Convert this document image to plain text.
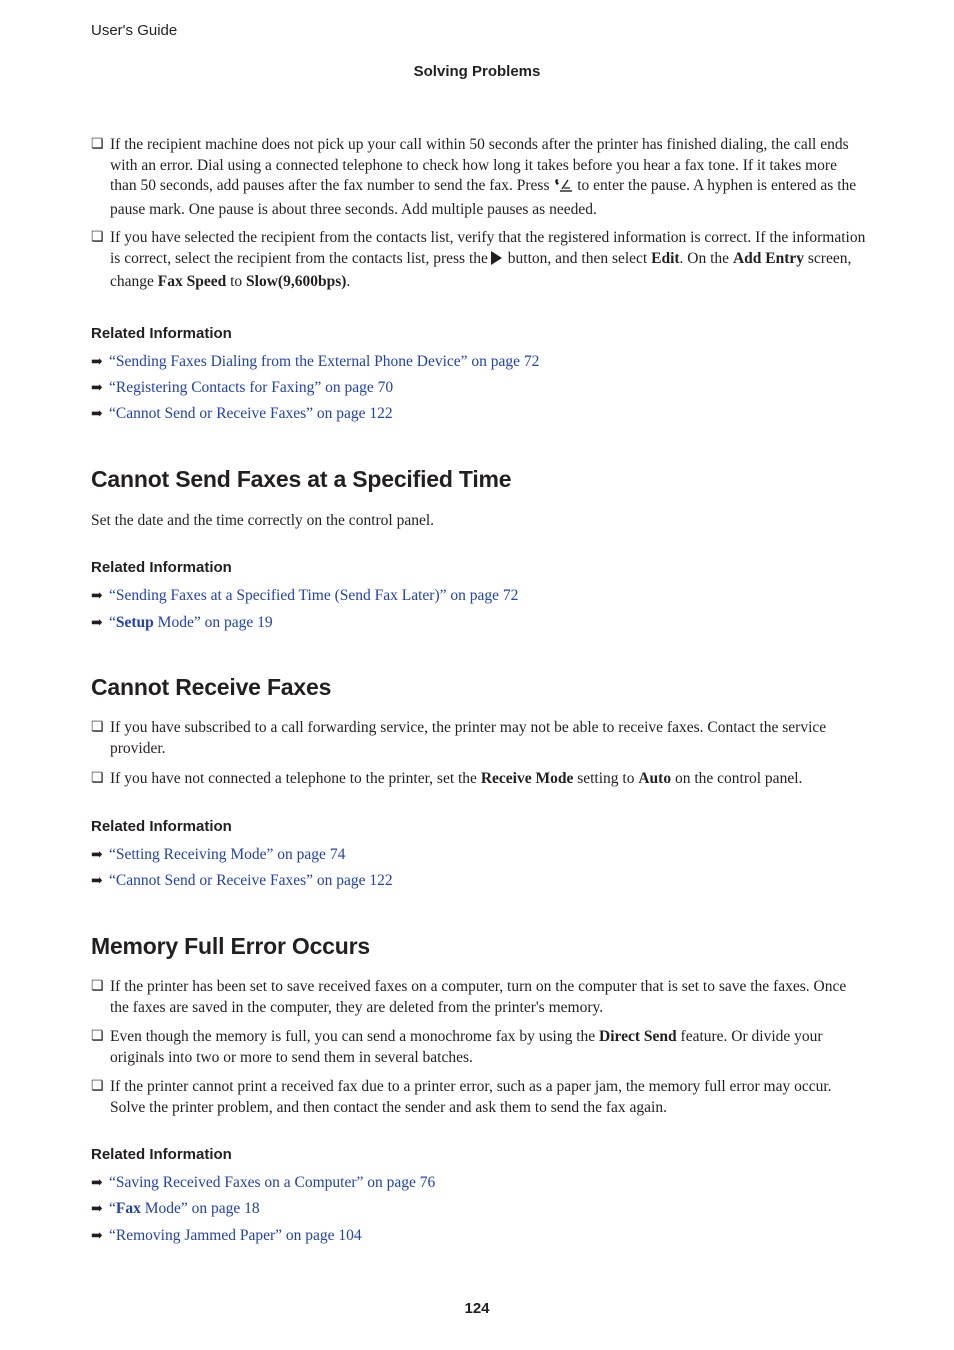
User's Guide
Solving Problems
❏ If the recipient machine does not pick up your call within 50 seconds after the printer has finished dialing, the call ends with an error. Dial using a connected telephone to check how long it takes before you hear a fax tone. If it takes more than 50 seconds, add pauses after the fax number to send the fax. Press to enter the pause. A hyphen is entered as the pause mark. One pause is about three seconds. Add multiple pauses as needed.
❏ If you have selected the recipient from the contacts list, verify that the registered information is correct. If the information is correct, select the recipient from the contacts list, press the button, and then select Edit. On the Add Entry screen, change Fax Speed to Slow(9,600bps).
Related Information
➡ “Sending Faxes Dialing from the External Phone Device” on page 72
➡ “Registering Contacts for Faxing” on page 70
➡ “Cannot Send or Receive Faxes” on page 122
Cannot Send Faxes at a Specified Time
Set the date and the time correctly on the control panel.
Related Information
➡ “Sending Faxes at a Specified Time (Send Fax Later)” on page 72
➡ “Setup Mode” on page 19
Cannot Receive Faxes
❏ If you have subscribed to a call forwarding service, the printer may not be able to receive faxes. Contact the service provider.
❏ If you have not connected a telephone to the printer, set the Receive Mode setting to Auto on the control panel.
Related Information
➡ “Setting Receiving Mode” on page 74
➡ “Cannot Send or Receive Faxes” on page 122
Memory Full Error Occurs
❏ If the printer has been set to save received faxes on a computer, turn on the computer that is set to save the faxes. Once the faxes are saved in the computer, they are deleted from the printer's memory.
❏ Even though the memory is full, you can send a monochrome fax by using the Direct Send feature. Or divide your originals into two or more to send them in several batches.
❏ If the printer cannot print a received fax due to a printer error, such as a paper jam, the memory full error may occur. Solve the printer problem, and then contact the sender and ask them to send the fax again.
Related Information
➡ “Saving Received Faxes on a Computer” on page 76
➡ “Fax Mode” on page 18
➡ “Removing Jammed Paper” on page 104
124
